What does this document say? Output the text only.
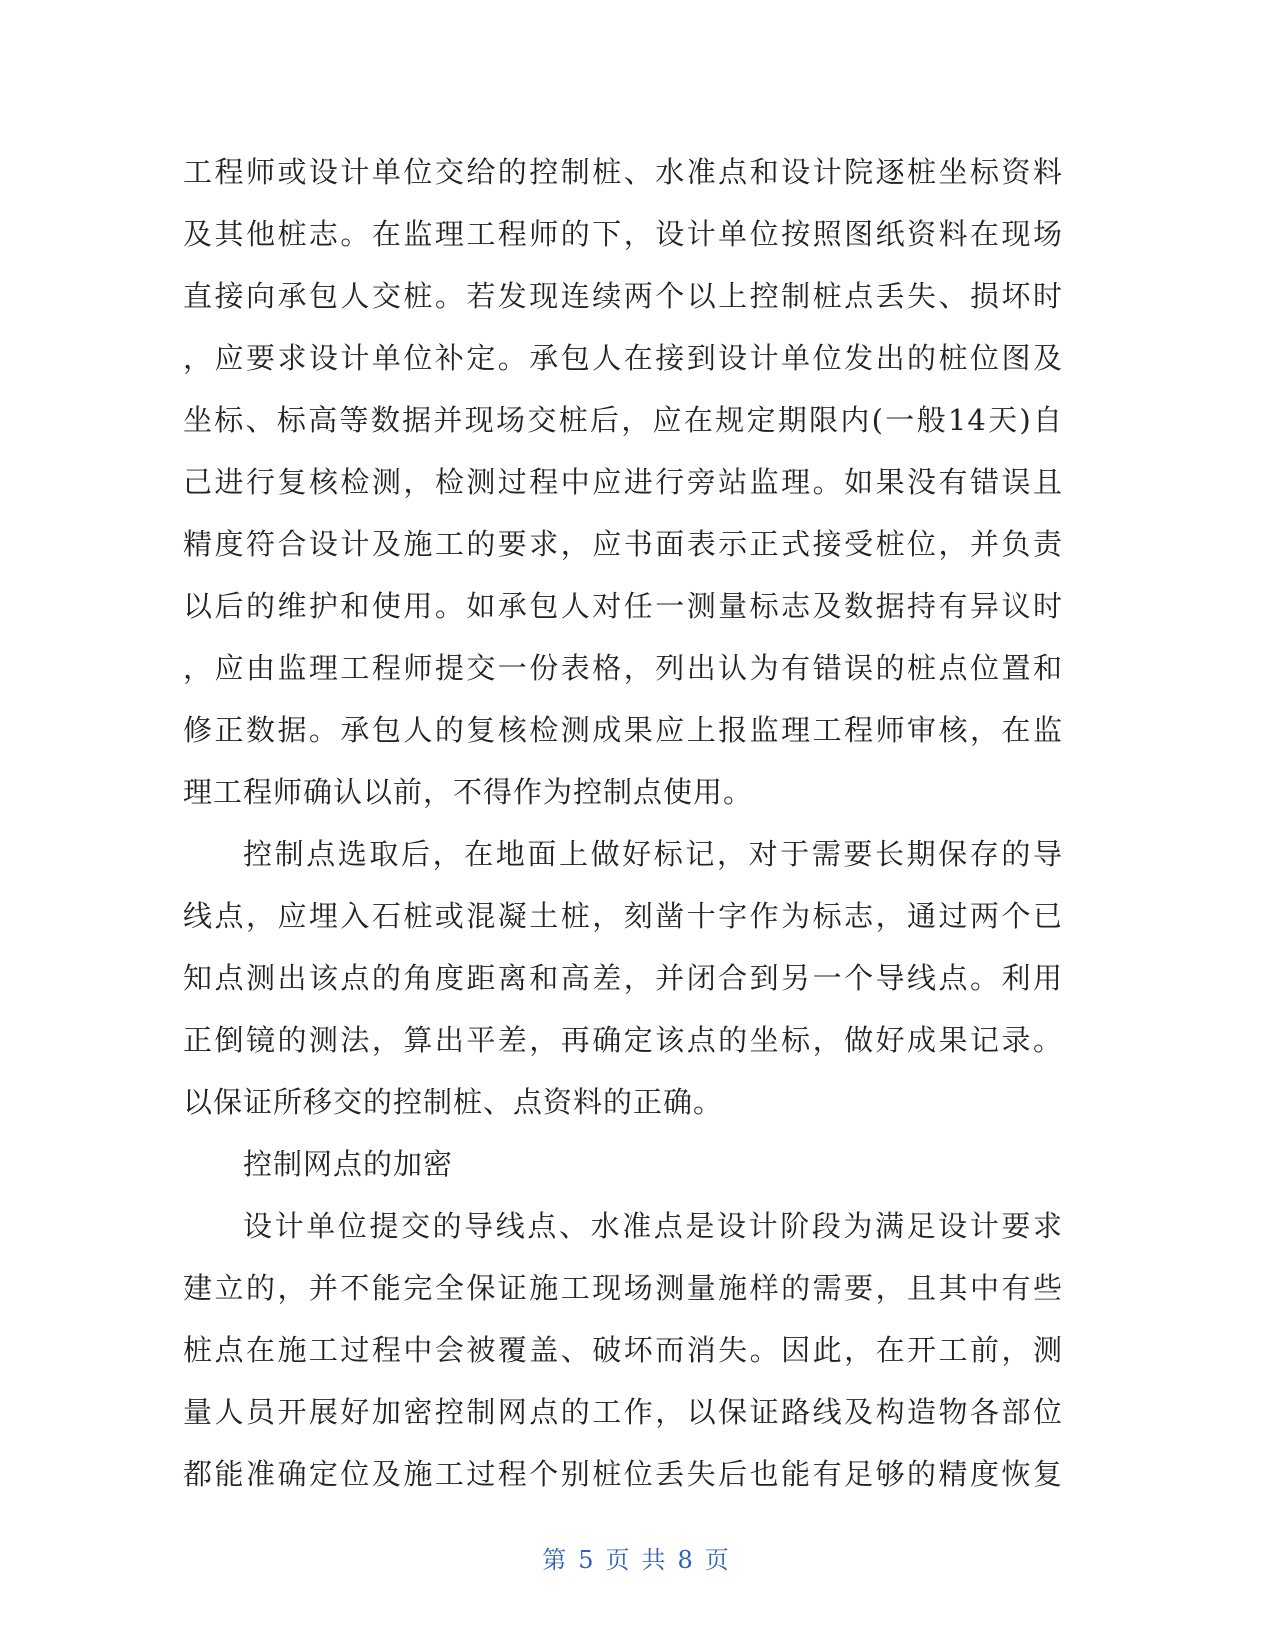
工程师或设计单位交给的控制桩、水准点和设计院逐桩坐标资料
及其他桩志。在监理工程师的下，设计单位按照图纸资料在现场
直接向承包人交桩。若发现连续两个以上控制桩点丢失、损坏时
，应要求设计单位补定。承包人在接到设计单位发出的桩位图及
坐标、标高等数据并现场交桩后，应在规定期限内(一般14天)自
己进行复核检测，检测过程中应进行旁站监理。如果没有错误且
精度符合设计及施工的要求，应书面表示正式接受桩位，并负责
以后的维护和使用。如承包人对任一测量标志及数据持有异议时
，应由监理工程师提交一份表格，列出认为有错误的桩点位置和
修正数据。承包人的复核检测成果应上报监理工程师审核，在监
理工程师确认以前，不得作为控制点使用。
控制点选取后，在地面上做好标记，对于需要长期保存的导
线点，应埋入石桩或混凝土桩，刻凿十字作为标志，通过两个已
知点测出该点的角度距离和高差，并闭合到另一个导线点。利用
正倒镜的测法，算出平差，再确定该点的坐标，做好成果记录。
以保证所移交的控制桩、点资料的正确。
控制网点的加密
设计单位提交的导线点、水准点是设计阶段为满足设计要求
建立的，并不能完全保证施工现场测量施样的需要，且其中有些
桩点在施工过程中会被覆盖、破坏而消失。因此，在开工前，测
量人员开展好加密控制网点的工作，以保证路线及构造物各部位
都能准确定位及施工过程个别桩位丢失后也能有足够的精度恢复
第 5 页 共 8 页
